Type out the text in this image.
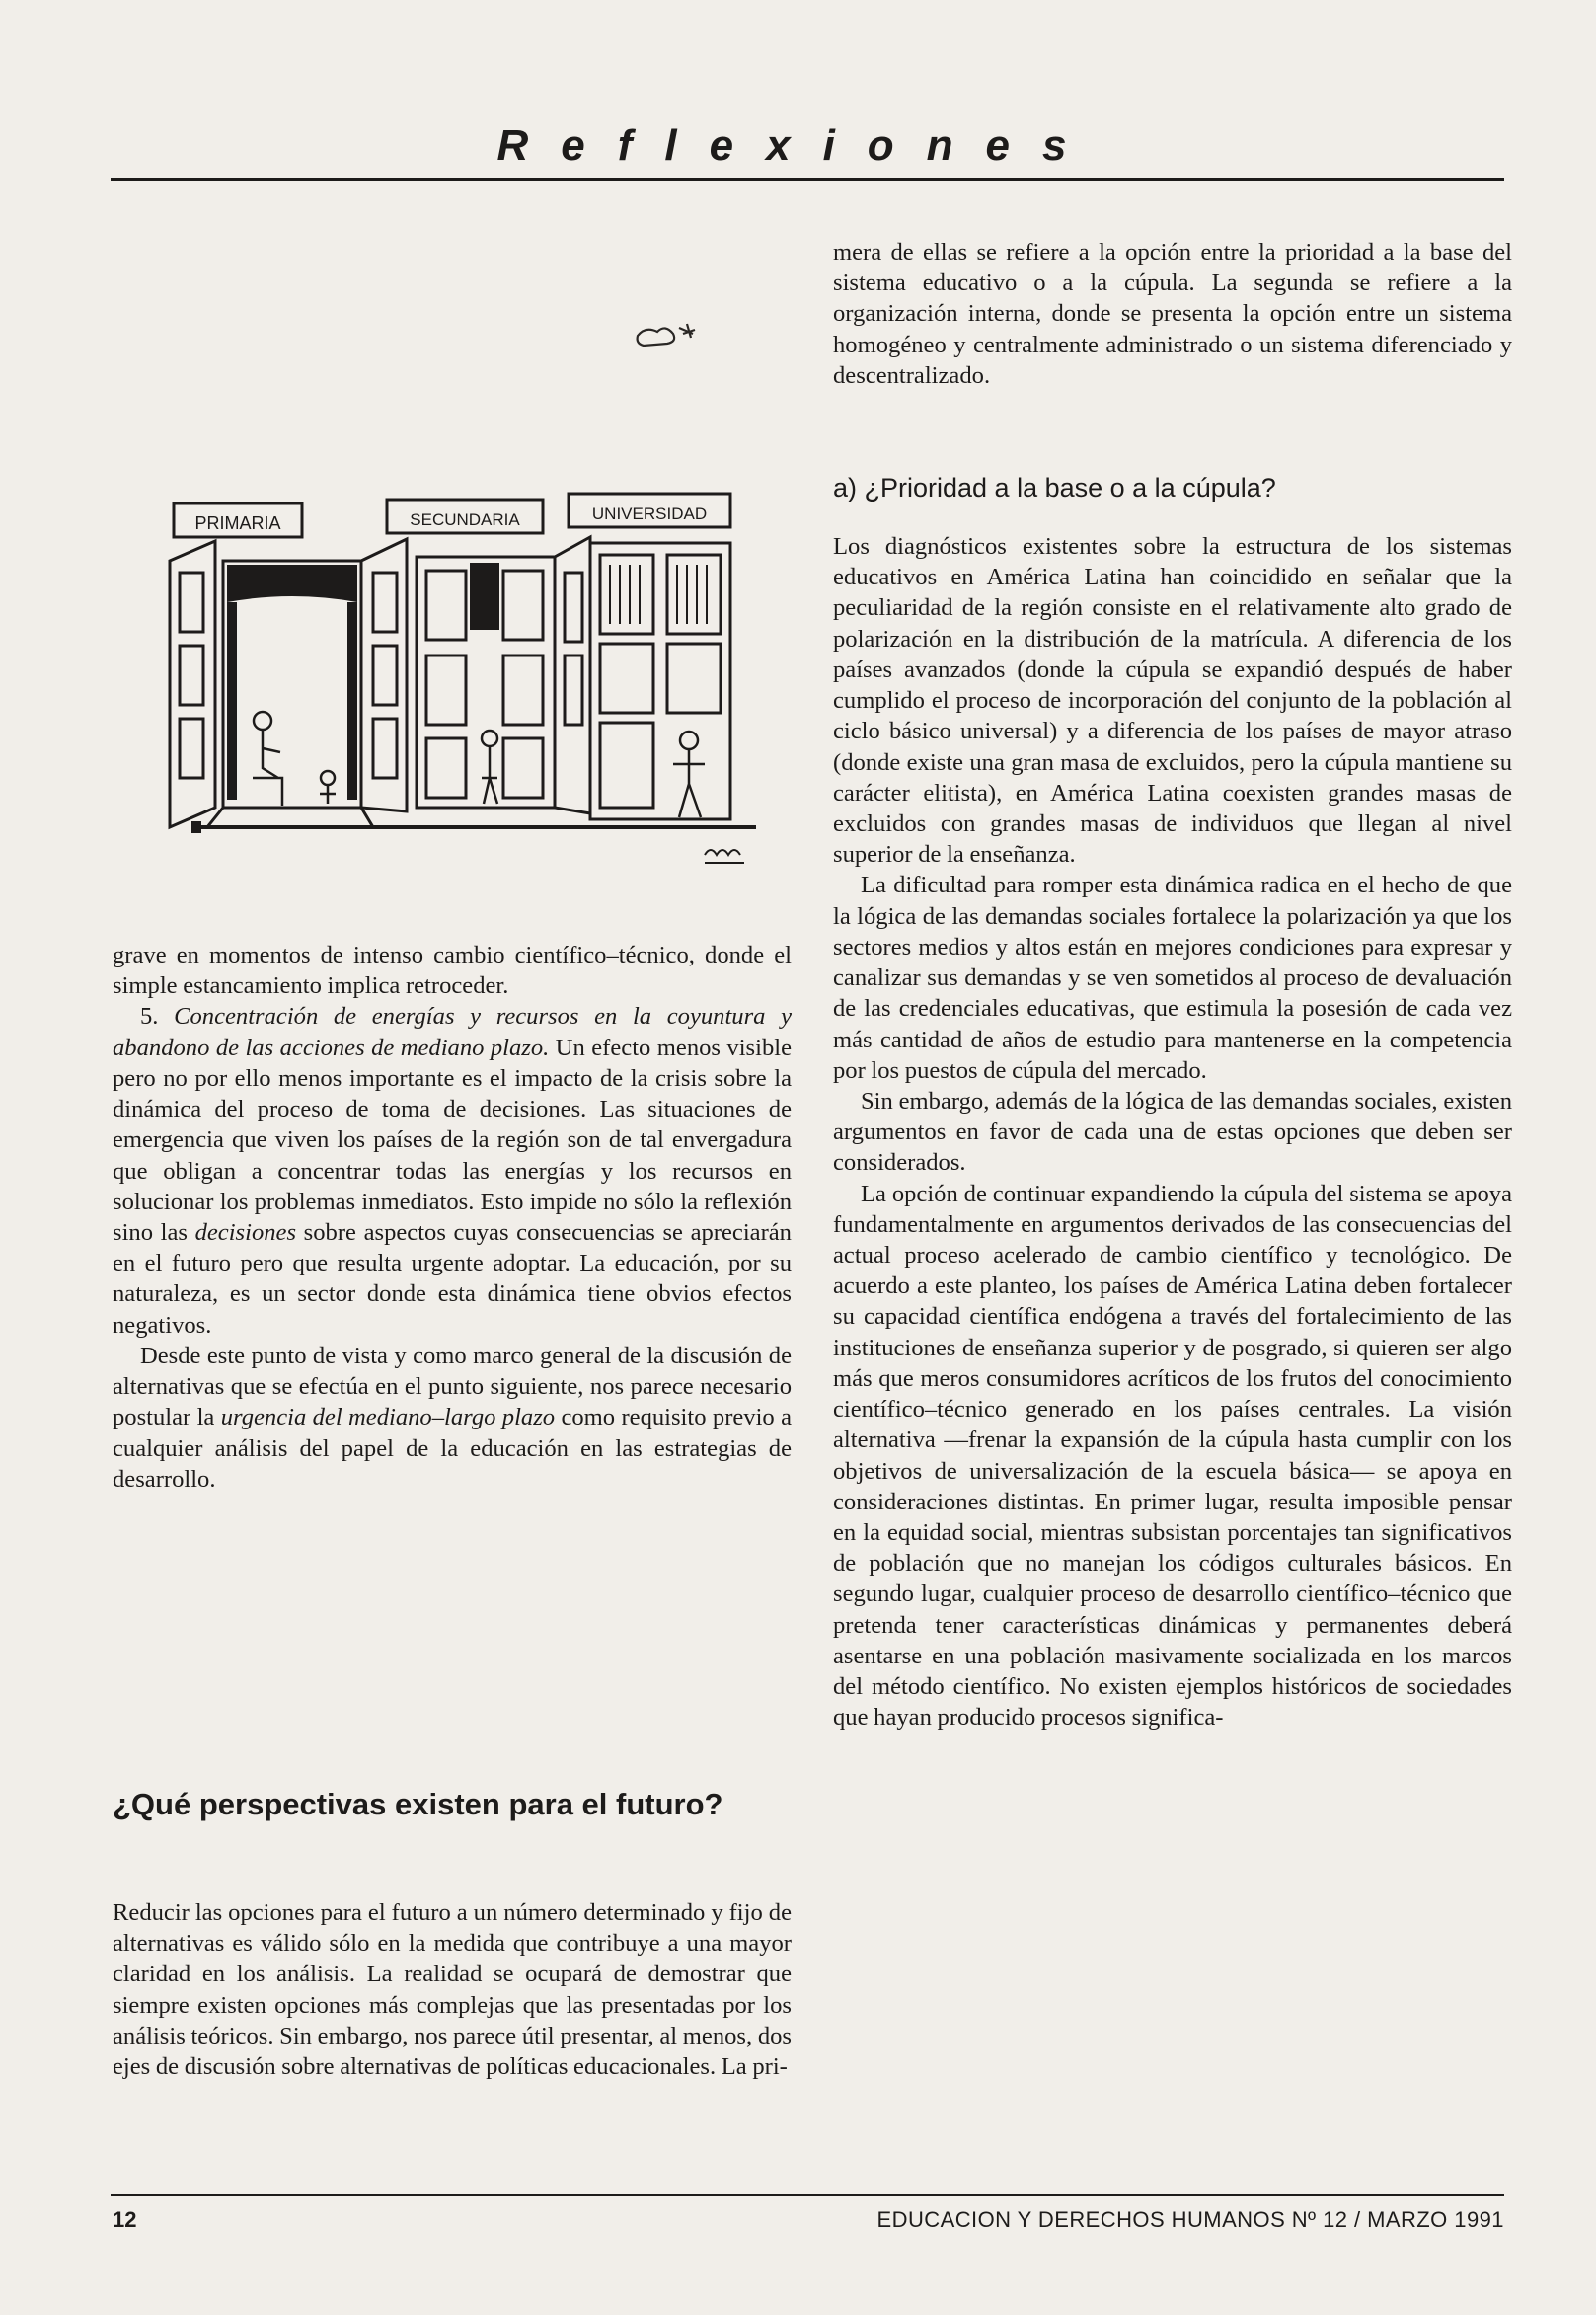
Reflexiones
PRIMARIA	SECUNDARIA	UNIVERSIDAD

grave en momentos de intenso cambio científico–técnico, donde el simple estancamiento implica retroceder.

5. Concentración de energías y recursos en la coyuntura y abandono de las acciones de mediano plazo. Un efecto menos visible pero no por ello menos importante es el impacto de la crisis sobre la dinámica del proceso de toma de decisiones. Las situaciones de emergencia que viven los países de la región son de tal envergadura que obligan a concentrar todas las energías y los recursos en solucionar los problemas inmediatos. Esto impide no sólo la reflexión sino las decisiones sobre aspectos cuyas consecuencias se apreciarán en el futuro pero que resulta urgente adoptar. La educación, por su naturaleza, es un sector donde esta dinámica tiene obvios efectos negativos.

Desde este punto de vista y como marco general de la discusión de alternativas que se efectúa en el punto siguiente, nos parece necesario postular la urgencia del mediano–largo plazo como requisito previo a cualquier análisis del papel de la educación en las estrategias de desarrollo.

¿Qué perspectivas existen para el futuro?

Reducir las opciones para el futuro a un número determinado y fijo de alternativas es válido sólo en la medida que contribuye a una mayor claridad en los análisis. La realidad se ocupará de demostrar que siempre existen opciones más complejas que las presentadas por los análisis teóricos. Sin embargo, nos parece útil presentar, al menos, dos ejes de discusión sobre alternativas de políticas educacionales. La pri-

mera de ellas se refiere a la opción entre la prioridad a la base del sistema educativo o a la cúpula. La segunda se refiere a la organización interna, donde se presenta la opción entre un sistema homogéneo y centralmente administrado o un sistema diferenciado y descentralizado.

a) ¿Prioridad a la base o a la cúpula?

Los diagnósticos existentes sobre la estructura de los sistemas educativos en América Latina han coincidido en señalar que la peculiaridad de la región consiste en el relativamente alto grado de polarización en la distribución de la matrícula. A diferencia de los países avanzados (donde la cúpula se expandió después de haber cumplido el proceso de incorporación del conjunto de la población al ciclo básico universal) y a diferencia de los países de mayor atraso (donde existe una gran masa de excluidos, pero la cúpula mantiene su carácter elitista), en América Latina coexisten grandes masas de excluidos con grandes masas de individuos que llegan al nivel superior de la enseñanza.

La dificultad para romper esta dinámica radica en el hecho de que la lógica de las demandas sociales fortalece la polarización ya que los sectores medios y altos están en mejores condiciones para expresar y canalizar sus demandas y se ven sometidos al proceso de devaluación de las credenciales educativas, que estimula la posesión de cada vez más cantidad de años de estudio para mantenerse en la competencia por los puestos de cúpula del mercado.

Sin embargo, además de la lógica de las demandas sociales, existen argumentos en favor de cada una de estas opciones que deben ser considerados.

La opción de continuar expandiendo la cúpula del sistema se apoya fundamentalmente en argumentos derivados de las consecuencias del actual proceso acelerado de cambio científico y tecnológico. De acuerdo a este planteo, los países de América Latina deben fortalecer su capacidad científica endógena a través del fortalecimiento de las instituciones de enseñanza superior y de posgrado, si quieren ser algo más que meros consumidores acríticos de los frutos del conocimiento científico–técnico generado en los países centrales. La visión alternativa —frenar la expansión de la cúpula hasta cumplir con los objetivos de universalización de la escuela básica— se apoya en consideraciones distintas. En primer lugar, resulta imposible pensar en la equidad social, mientras subsistan porcentajes tan significativos de población que no manejan los códigos culturales básicos. En segundo lugar, cualquier proceso de desarrollo científico–técnico que pretenda tener características dinámicas y permanentes deberá asentarse en una población masivamente socializada en los marcos del método científico. No existen ejemplos históricos de sociedades que hayan producido procesos significa-

12	EDUCACION Y DERECHOS HUMANOS Nº 12 / MARZO 1991
